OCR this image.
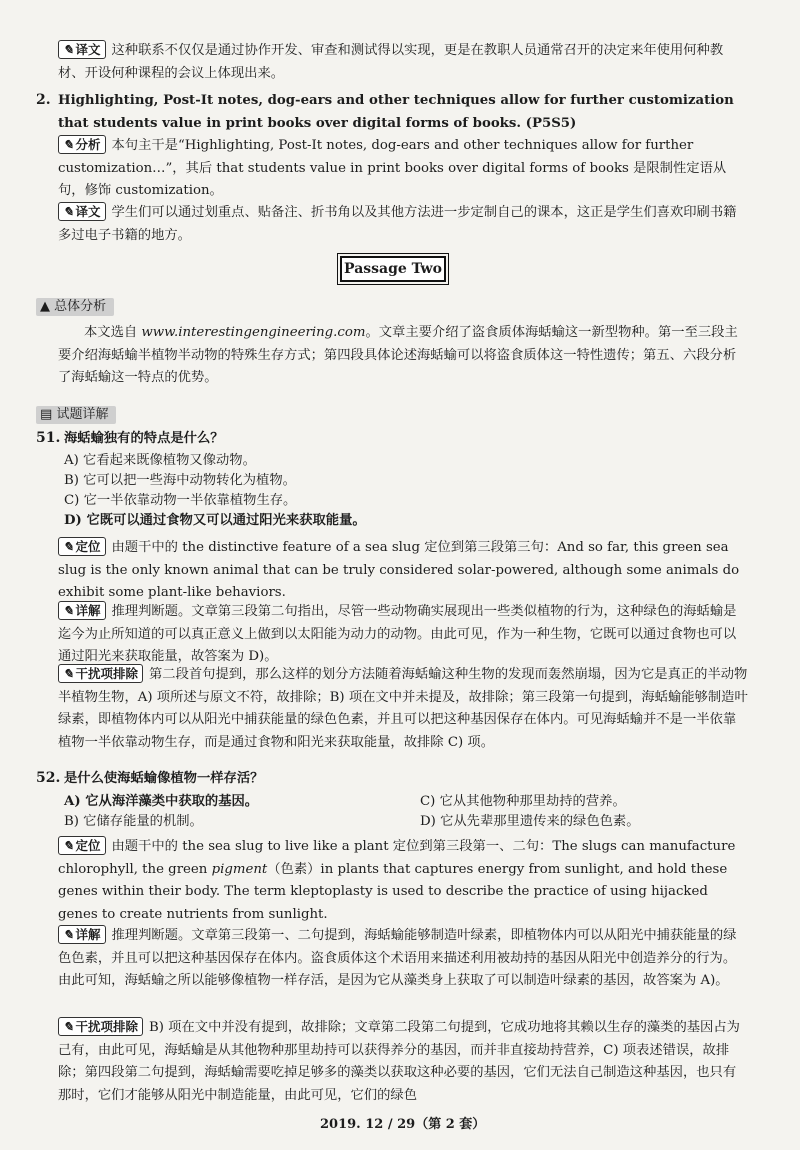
✎ 译文 这种联系不仅仅是通过协作开发、审查和测试得以实现，更是在教职人员通常召开的决定来年使用何种教材、开设何种课程的会议上体现出来。
2. Highlighting, Post-It notes, dog-ears and other techniques allow for further customization that students value in print books over digital forms of books. (P5S5)
✎ 分析 本句主干是“Highlighting, Post-It notes, dog-ears and other techniques allow for further customization…”，其后 that students value in print books over digital forms of books 是限制性定语从句，修饰 customization。
✎ 译文 学生们可以通过划重点、贴备注、折书角以及其他方法进一步定制自己的课本，这正是学生们喜欢印刷书籍多过电子书籍的地方。
Passage Two
▲ 总体分析
本文选自 www.interestingengineering.com。文章主要介绍了盗食质体海蛞蝓这一新型物种。第一至三段主要介绍海蛞蝓半植物半动物的特殊生存方式；第四段具体论述海蛞蝓可以将盗食质体这一特性遗传；第五、六段分析了海蛞蝓这一特点的优势。
▤ 试题详解
51. 海蛞蝓独有的特点是什么？
A) 它看起来既像植物又像动物。
B) 它可以把一些海中动物转化为植物。
C) 它一半依靠动物一半依靠植物生存。
D) 它既可以通过食物又可以通过阳光来获取能量。
✎ 定位 由题干中的 the distinctive feature of a sea slug 定位到第三段第三句：And so far, this green sea slug is the only known animal that can be truly considered solar-powered, although some animals do exhibit some plant-like behaviors.
✎ 详解 推理判断题。文章第三段第二句指出，尽管一些动物确实展现出一些类似植物的行为，这种绿色的海蛞蝓是迄今为止所知道的可以真正意义上做到以太阳能为动力的动物。由此可见，作为一种生物，它既可以通过食物也可以通过阳光来获取能量，故答案为 D)。
✎ 干扰项排除 第二段首句提到，那么这样的划分方法随着海蛞蝓这种生物的发现而轰然崩塌，因为它是真正的半动物半植物生物，A) 项所述与原文不符，故排除；B) 项在文中并未提及，故排除；第三段第一句提到，海蛞蝓能够制造叶绿素，即植物体内可以从阳光中捕获能量的绿色色素，并且可以把这种基因保存在体内。可见海蛞蝓并不是一半依靠植物一半依靠动物生存，而是通过食物和阳光来获取能量，故排除 C) 项。
52. 是什么使海蛞蝓像植物一样存活？
A) 它从海洋藻类中获取的基因。
B) 它储存能量的机制。
C) 它从其他物种那里劫持的营养。
D) 它从先辈那里遗传来的绿色色素。
✎ 定位 由题干中的 the sea slug to live like a plant 定位到第三段第一、二句：The slugs can manufacture chlorophyll, the green pigment（色素）in plants that captures energy from sunlight, and hold these genes within their body. The term kleptoplasty is used to describe the practice of using hijacked genes to create nutrients from sunlight.
✎ 详解 推理判断题。文章第三段第一、二句提到，海蛞蝓能够制造叶绿素，即植物体内可以从阳光中捕获能量的绿色色素，并且可以把这种基因保存在体内。盗食质体这个术语用来描述利用被劫持的基因从阳光中创造养分的行为。由此可知，海蛞蝓之所以能够像植物一样存活，是因为它从藻类身上获取了可以制造叶绿素的基因，故答案为 A)。
✎ 干扰项排除 B) 项在文中并没有提到，故排除；文章第二段第二句提到，它成功地将其赖以生存的藻类的基因占为己有，由此可见，海蛞蝓是从其他物种那里劫持可以获得养分的基因，而并非直接劫持营养，C) 项表述错误，故排除；第四段第二句提到，海蛞蝓需要吃掉足够多的藻类以获取这种必要的基因，它们无法自己制造这种基因，也只有那时，它们才能够从阳光中制造能量，由此可见，它们的绿色
2019. 12 / 29（第 2 套）
